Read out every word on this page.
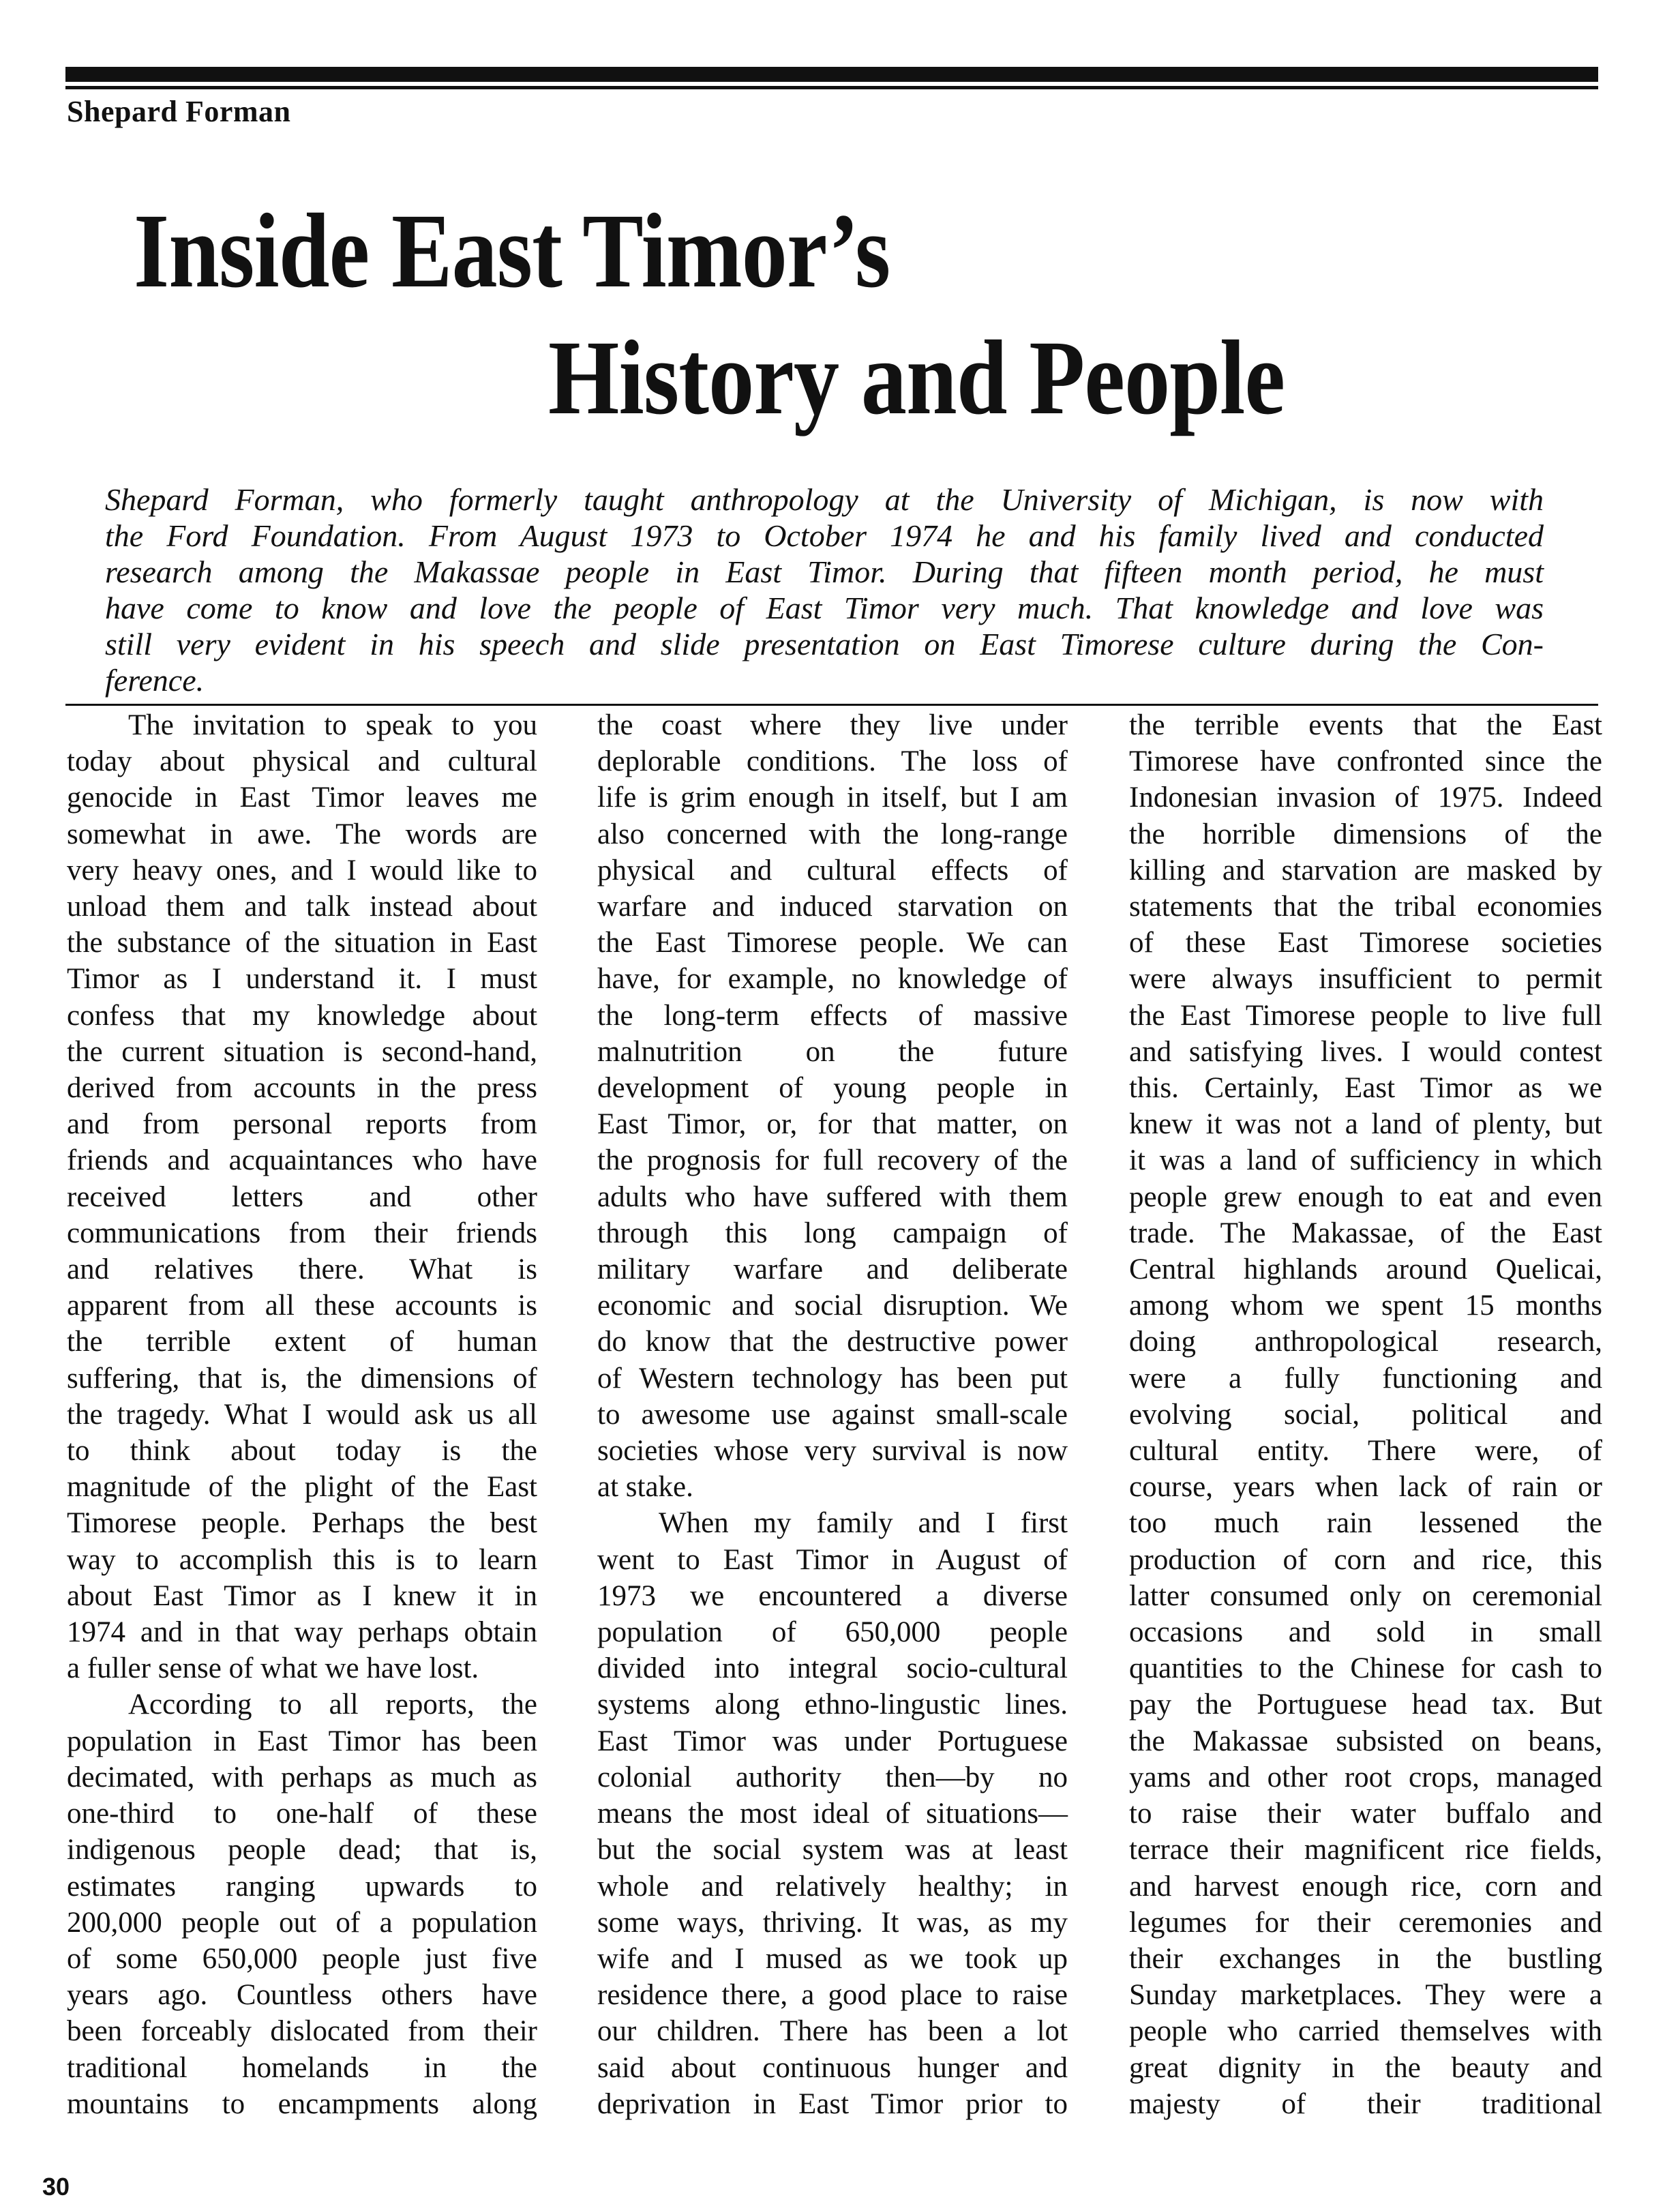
Shepard Forman
Inside East Timor’s
History and People
Shepard Forman, who formerly taught anthropology at the University of Michigan, is now with
the Ford Foundation. From August 1973 to October 1974 he and his family lived and conducted
research among the Makassae people in East Timor. During that fifteen month period, he must
have come to know and love the people of East Timor very much. That knowledge and love was
still very evident in his speech and slide presentation on East Timorese culture during the Con-
ference.
The invitation to speak to you
today about physical and cultural
genocide in East Timor leaves me
somewhat in awe. The words are
very heavy ones, and I would like to
unload them and talk instead about
the substance of the situation in East
Timor as I understand it. I must
confess that my knowledge about
the current situation is second-hand,
derived from accounts in the press
and from personal reports from
friends and acquaintances who have
received letters and other
communications from their friends
and relatives there. What is
apparent from all these accounts is
the terrible extent of human
suffering, that is, the dimensions of
the tragedy. What I would ask us all
to think about today is the
magnitude of the plight of the East
Timorese people. Perhaps the best
way to accomplish this is to learn
about East Timor as I knew it in
1974 and in that way perhaps obtain
a fuller sense of what we have lost.
According to all reports, the
population in East Timor has been
decimated, with perhaps as much as
one-third to one-half of these
indigenous people dead; that is,
estimates ranging upwards to
200,000 people out of a population
of some 650,000 people just five
years ago. Countless others have
been forceably dislocated from their
traditional homelands in the
mountains to encampments along
the coast where they live under
deplorable conditions. The loss of
life is grim enough in itself, but I am
also concerned with the long-range
physical and cultural effects of
warfare and induced starvation on
the East Timorese people. We can
have, for example, no knowledge of
the long-term effects of massive
malnutrition on the future
development of young people in
East Timor, or, for that matter, on
the prognosis for full recovery of the
adults who have suffered with them
through this long campaign of
military warfare and deliberate
economic and social disruption. We
do know that the destructive power
of Western technology has been put
to awesome use against small-scale
societies whose very survival is now
at stake.
When my family and I first
went to East Timor in August of
1973 we encountered a diverse
population of 650,000 people
divided into integral socio-cultural
systems along ethno-lingustic lines.
East Timor was under Portuguese
colonial authority then—by no
means the most ideal of situations—
but the social system was at least
whole and relatively healthy; in
some ways, thriving. It was, as my
wife and I mused as we took up
residence there, a good place to raise
our children. There has been a lot
said about continuous hunger and
deprivation in East Timor prior to
the terrible events that the East
Timorese have confronted since the
Indonesian invasion of 1975. Indeed
the horrible dimensions of the
killing and starvation are masked by
statements that the tribal economies
of these East Timorese societies
were always insufficient to permit
the East Timorese people to live full
and satisfying lives. I would contest
this. Certainly, East Timor as we
knew it was not a land of plenty, but
it was a land of sufficiency in which
people grew enough to eat and even
trade. The Makassae, of the East
Central highlands around Quelicai,
among whom we spent 15 months
doing anthropological research,
were a fully functioning and
evolving social, political and
cultural entity. There were, of
course, years when lack of rain or
too much rain lessened the
production of corn and rice, this
latter consumed only on ceremonial
occasions and sold in small
quantities to the Chinese for cash to
pay the Portuguese head tax. But
the Makassae subsisted on beans,
yams and other root crops, managed
to raise their water buffalo and
terrace their magnificent rice fields,
and harvest enough rice, corn and
legumes for their ceremonies and
their exchanges in the bustling
Sunday marketplaces. They were a
people who carried themselves with
great dignity in the beauty and
majesty of their traditional
30
